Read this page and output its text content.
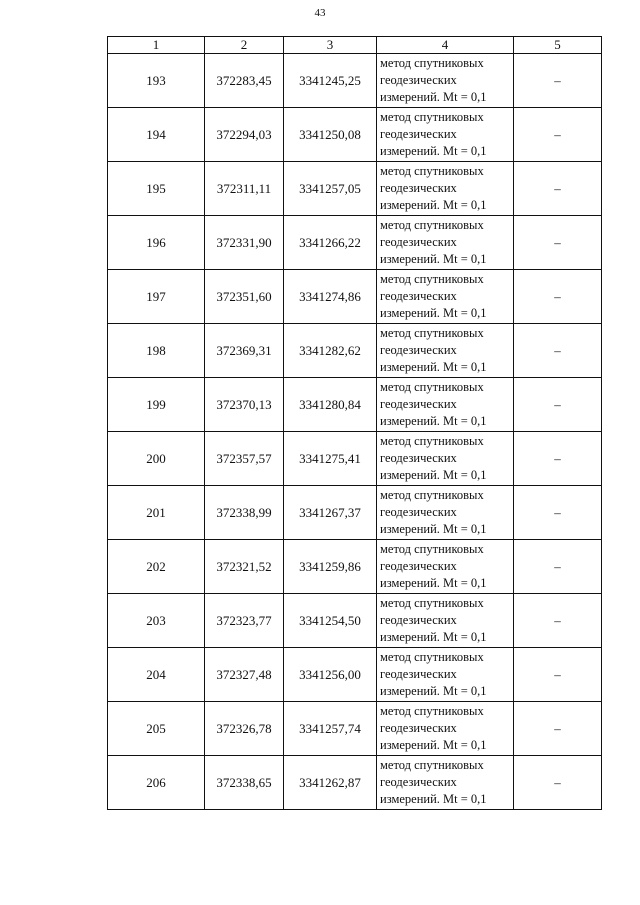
43
1	2	3	4	5
193	372283,45	3341245,25	метод спутниковых
геодезических
измерений. Mt = 0,1	–
194	372294,03	3341250,08	метод спутниковых
геодезических
измерений. Mt = 0,1	–
195	372311,11	3341257,05	метод спутниковых
геодезических
измерений. Mt = 0,1	–
196	372331,90	3341266,22	метод спутниковых
геодезических
измерений. Mt = 0,1	–
197	372351,60	3341274,86	метод спутниковых
геодезических
измерений. Mt = 0,1	–
198	372369,31	3341282,62	метод спутниковых
геодезических
измерений. Mt = 0,1	–
199	372370,13	3341280,84	метод спутниковых
геодезических
измерений. Mt = 0,1	–
200	372357,57	3341275,41	метод спутниковых
геодезических
измерений. Mt = 0,1	–
201	372338,99	3341267,37	метод спутниковых
геодезических
измерений. Mt = 0,1	–
202	372321,52	3341259,86	метод спутниковых
геодезических
измерений. Mt = 0,1	–
203	372323,77	3341254,50	метод спутниковых
геодезических
измерений. Mt = 0,1	–
204	372327,48	3341256,00	метод спутниковых
геодезических
измерений. Mt = 0,1	–
205	372326,78	3341257,74	метод спутниковых
геодезических
измерений. Mt = 0,1	–
206	372338,65	3341262,87	метод спутниковых
геодезических
измерений. Mt = 0,1	–
